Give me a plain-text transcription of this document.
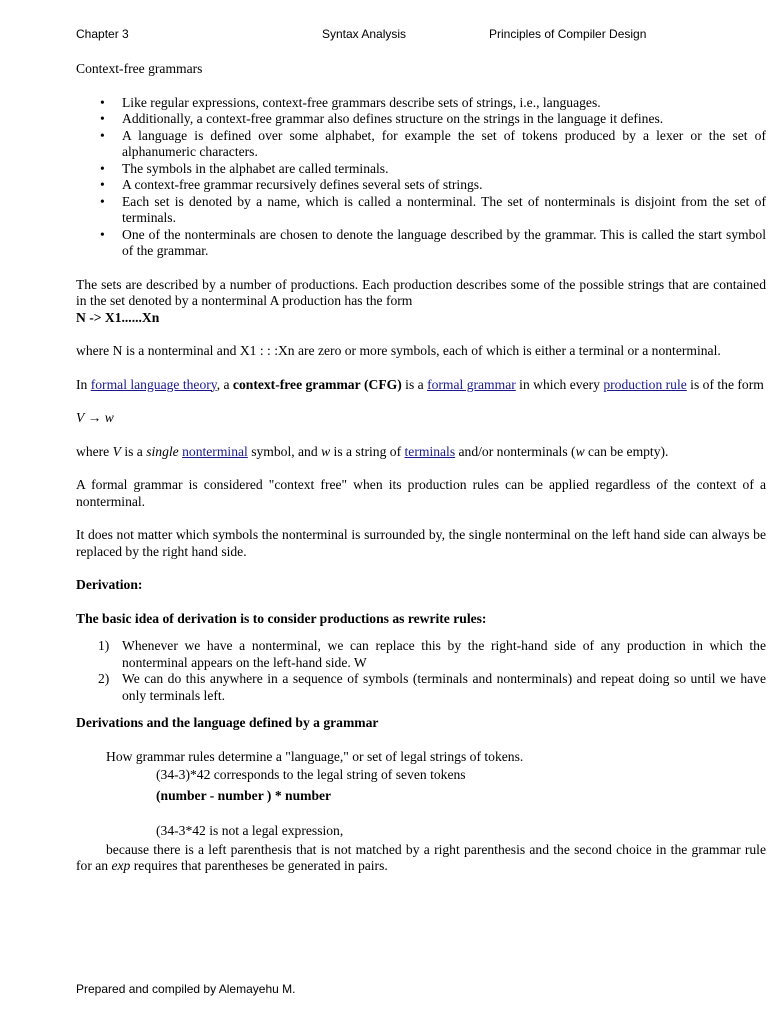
Chapter 3	Syntax Analysis	Principles of Compiler Design

Context-free grammars

• Like regular expressions, context-free grammars describe sets of strings, i.e., languages.
• Additionally, a context-free grammar also defines structure on the strings in the language it defines.
• A language is defined over some alphabet, for example the set of tokens produced by a lexer or the set of alphanumeric characters.
• The symbols in the alphabet are called terminals.
• A context-free grammar recursively defines several sets of strings.
• Each set is denoted by a name, which is called a nonterminal. The set of nonterminals is disjoint from the set of terminals.
• One of the nonterminals are chosen to denote the language described by the grammar. This is called the start symbol of the grammar.

The sets are described by a number of productions. Each production describes some of the possible strings that are contained in the set denoted by a nonterminal A production has the form

N -> X1......Xn

where N is a nonterminal and X1 : : :Xn are zero or more symbols, each of which is either a terminal or a nonterminal.

In formal language theory, a context-free grammar (CFG) is a formal grammar in which every production rule is of the form

V → w

where V is a single nonterminal symbol, and w is a string of terminals and/or nonterminals (w can be empty).

A formal grammar is considered "context free" when its production rules can be applied regardless of the context of a nonterminal.

It does not matter which symbols the nonterminal is surrounded by, the single nonterminal on the left hand side can always be replaced by the right hand side.

Derivation:

The basic idea of derivation is to consider productions as rewrite rules:

1) Whenever we have a nonterminal, we can replace this by the right-hand side of any production in which the nonterminal appears on the left-hand side. W
2) We can do this anywhere in a sequence of symbols (terminals and nonterminals) and repeat doing so until we have only terminals left.

Derivations and the language defined by a grammar

How grammar rules determine a "language," or set of legal strings of tokens.

(34-3)*42 corresponds to the legal string of seven tokens

(number - number ) * number

(34-3*42 is not a legal expression,

because there is a left parenthesis that is not matched by a right parenthesis and the second choice in the grammar rule for an exp requires that parentheses be generated in pairs.

Prepared and compiled by Alemayehu M.
